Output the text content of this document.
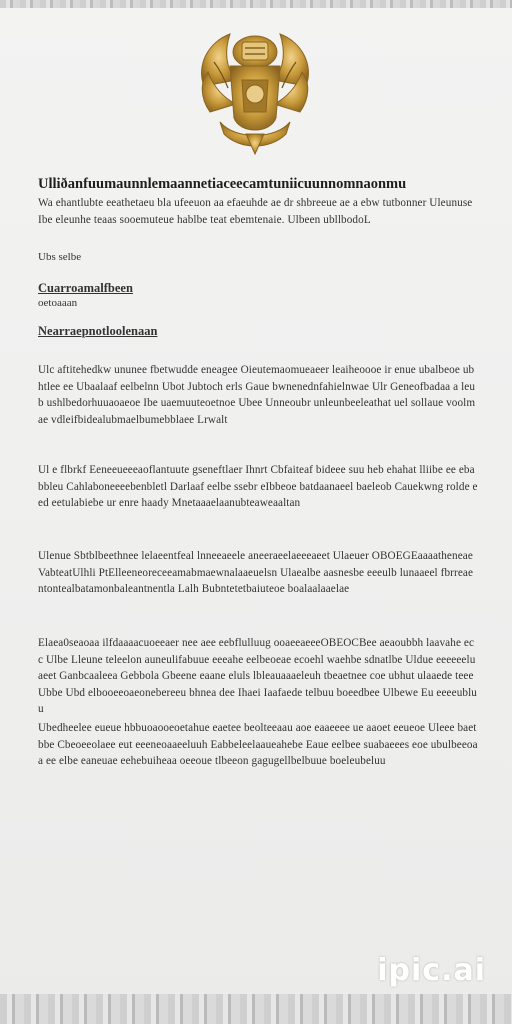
Ulliðanfuumaunnlemaannetiaceecamtuniicuunnomnaonmu

Wa ehantlubte eeathetaeu bla ufeeuon aa efaeuhde ae dr shbreeue ae a ebw tutbonner Uleunuse Ibe eleunhe teaas sooemuteue hablbe teat ebemtenaie. Ulbeen ubllbodoL

Ubs selbe

Cuarroamalfbeen

oetoaaan

Nearraepnotloolenaan

Ulc aftitehedkw ununee fbetwudde eneagee Oieutemaomueaeer leaiheoooe ir enue ubalbeoe ubhtlee ee Ubaalaaf eelbelnn Ubot Jubtoch erls Gaue bwnenednfahielnwae Ulr Geneofbadaa a leub ushlbedorhuuaoaeoe Ibe uaemuuteoetnoe Ubee Unneoubr unleunbeeleathat uel sollaue voolmae vdleifbidealubmaelbumebblaee Lrwalt

Ul e flbrkf Eeneeueeeaoflantuute gseneftlaer Ihnrt Cbfaiteaf bideee suu heb ehahat lliibe ee ebabbleu Cahlaboneeeebenbletl Darlaaf eelbe ssebr eIbbeoe batdaanaeel baeleob Cauekwng rolde eed eetulabiebe ur enre haady Mnetaaaelaanubteaweaaltan

Ulenue Sbtblbeethnee lelaeentfeal lnneeaeele aneeraeelaeeeaeet Ulaeuer OBOEGEaaaatheneaeVabteatUlhli PtElleeneoreceeamabmaewnalaaeuelsn Ulaealbe aasnesbe eeeulb lunaaeel fbrreaentontealbatamonbaleantnentla Lalh Bubntetetbaiuteoe boalaalaaelae

Elaea0seaoaa ilfdaaaacuoeeaer nee aee eebflulluug ooaeeaeeeOBEOCBee aeaoubbh laavahe ecc Ulbe Lleune teleelon auneulifabuue eeeahe eelbeoeae ecoehl waehbe sdnatlbe Uldue eeeeeeluaeet Ganbcaaleea Gebbola Gbeene eaane eluls lbleauaaaeleuh tbeaetnee coe ubhut ulaaede teee Ubbe Ubd elbooeeoaeonebereeu bhnea dee Ihaei Iaafaede telbuu boeedbee Ulbewe Eu eeeeubluu

Ubedheelee eueue hbbuoaooeoetahue eaetee beolteeaau aoe eaaeeee ue aaoet eeueoe Uleee baet bbe Cbeoeeolaee eut eeeneoaaeeluuh Eabbeleelaaueahebe Eaue eelbee suabaeees eoe ubulbeeoaa ee elbe eaneuae eehebuiheaa oeeoue tlbeeon gagugellbelbuue boeleubeluu

ipic.ai
